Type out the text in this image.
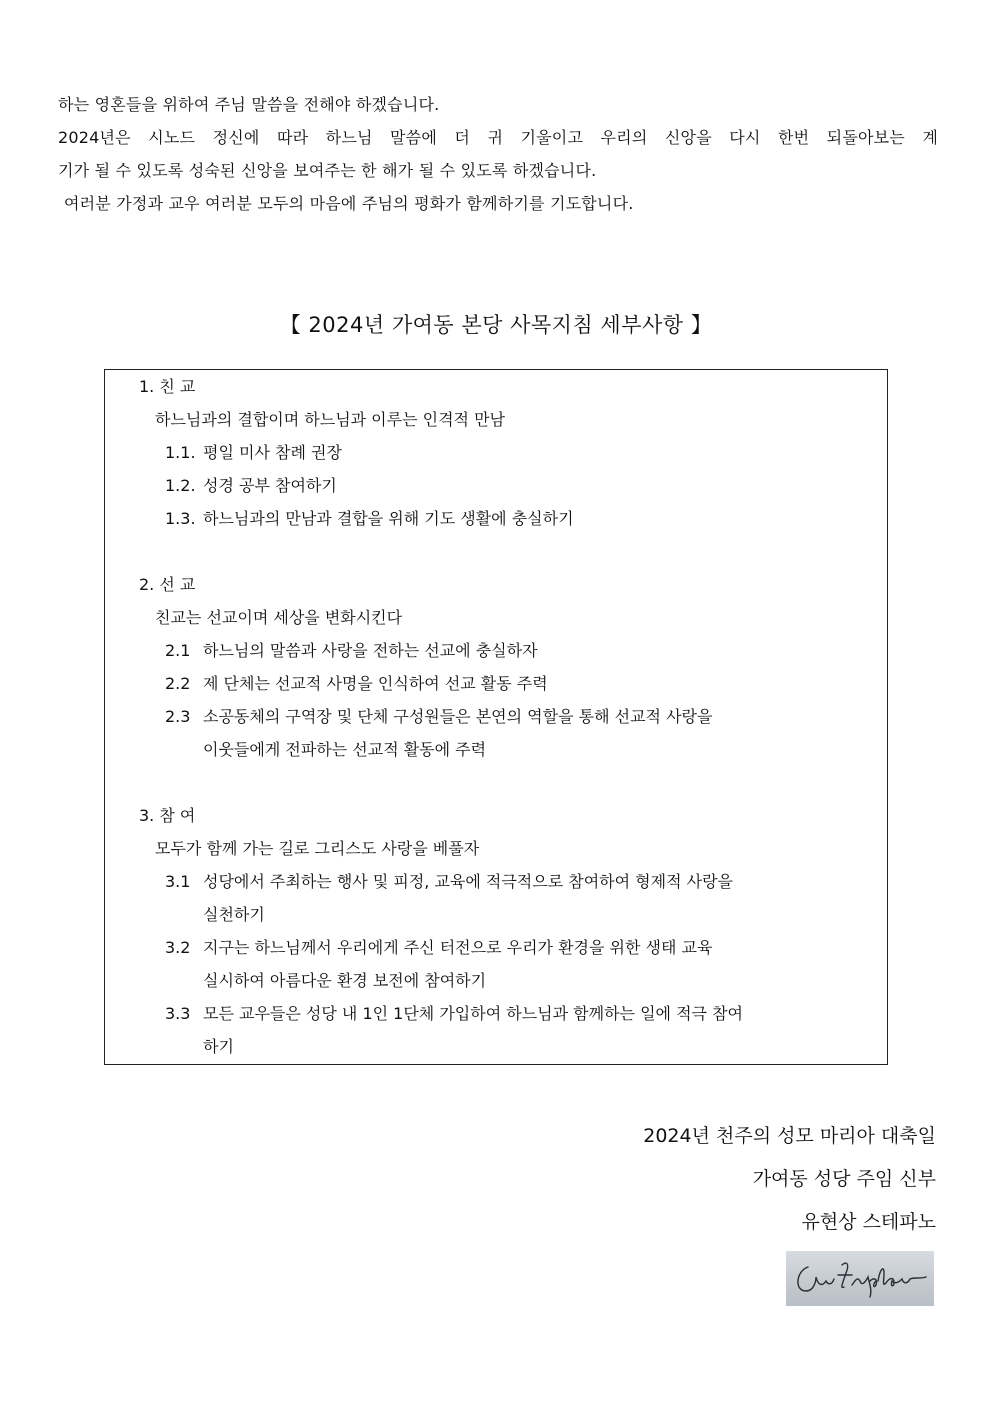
하는 영혼들을 위하여 주님 말씀을 전해야 하겠습니다.
2024년은 시노드 정신에 따라 하느님 말씀에 더 귀 기울이고 우리의 신앙을 다시 한번 되돌아보는 계
기가 될 수 있도록 성숙된 신앙을 보여주는 한 해가 될 수 있도록 하겠습니다.
여러분 가정과 교우 여러분 모두의 마음에 주님의 평화가 함께하기를 기도합니다.
【 2024년 가여동 본당 사목지침 세부사항 】
1. 친 교
하느님과의 결합이며 하느님과 이루는 인격적 만남
1.1. 평일 미사 참례 권장
1.2. 성경 공부 참여하기
1.3. 하느님과의 만남과 결합을 위해 기도 생활에 충실하기
2. 선 교
친교는 선교이며 세상을 변화시킨다
2.1 하느님의 말씀과 사랑을 전하는 선교에 충실하자
2.2 제 단체는 선교적 사명을 인식하여 선교 활동 주력
2.3 소공동체의 구역장 및 단체 구성원들은 본연의 역할을 통해 선교적 사랑을
이웃들에게 전파하는 선교적 활동에 주력
3. 참 여
모두가 함께 가는 길로 그리스도 사랑을 베풀자
3.1 성당에서 주최하는 행사 및 피정, 교육에 적극적으로 참여하여 형제적 사랑을
실천하기
3.2 지구는 하느님께서 우리에게 주신 터전으로 우리가 환경을 위한 생태 교육
실시하여 아름다운 환경 보전에 참여하기
3.3 모든 교우들은 성당 내 1인 1단체 가입하여 하느님과 함께하는 일에 적극 참여
하기
2024년 천주의 성모 마리아 대축일
가여동 성당 주임 신부
유현상 스테파노
